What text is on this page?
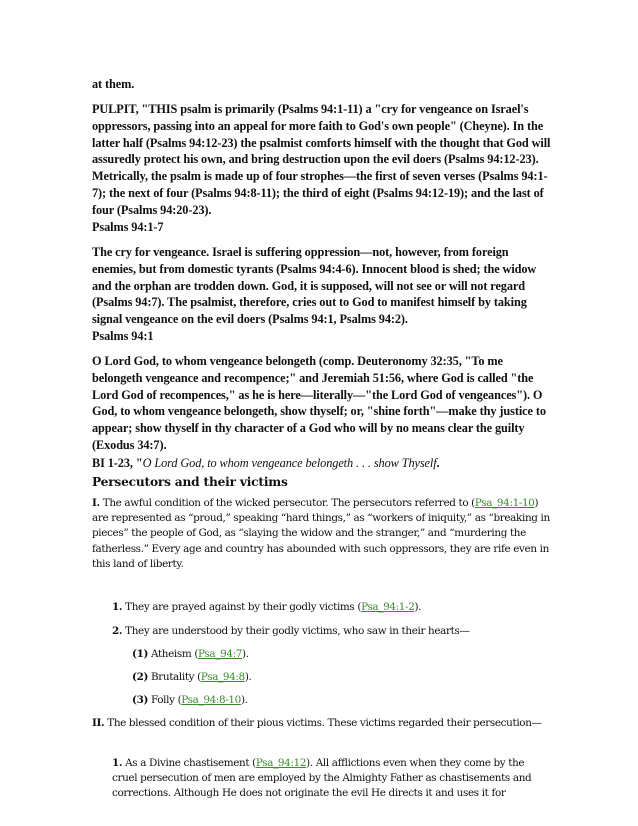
at them.

PULPIT, "THIS psalm is primarily (Psalms 94:1-11) a "cry for vengeance on Israel's oppressors, passing into an appeal for more faith to God's own people" (Cheyne). In the latter half (Psalms 94:12-23) the psalmist comforts himself with the thought that God will assuredly protect his own, and bring destruction upon the evil doers (Psalms 94:12-23). Metrically, the psalm is made up of four strophes—the first of seven verses (Psalms 94:1-7); the next of four (Psalms 94:8-11); the third of eight (Psalms 94:12-19); and the last of four (Psalms 94:20-23).

Psalms 94:1-7

The cry for vengeance. Israel is suffering oppression—not, however, from foreign enemies, but from domestic tyrants (Psalms 94:4-6). Innocent blood is shed; the widow and the orphan are trodden down. God, it is supposed, will not see or will not regard (Psalms 94:7). The psalmist, therefore, cries out to God to manifest himself by taking signal vengeance on the evil doers (Psalms 94:1, Psalms 94:2).

Psalms 94:1

O Lord God, to whom vengeance belongeth (comp. Deuteronomy 32:35, "To me belongeth vengeance and recompence;" and Jeremiah 51:56, where God is called "the Lord God of recompences," as he is here—literally—"the Lord God of vengeances"). O God, to whom vengeance belongeth, show thyself; or, "shine forth"—make thy justice to appear; show thyself in thy character of a God who will by no means clear the guilty (Exodus 34:7).

BI 1-23, "O Lord God, to whom vengeance belongeth . . . show Thyself.

Persecutors and their victims

I. The awful condition of the wicked persecutor. The persecutors referred to (Psa_94:1-10) are represented as “proud,” speaking “hard things,” as “workers of iniquity,” as “breaking in pieces” the people of God, as “slaying the widow and the stranger,” and “murdering the fatherless.” Every age and country has abounded with such oppressors, they are rife even in this land of liberty.

1. They are prayed against by their godly victims (Psa_94:1-2).

2. They are understood by their godly victims, who saw in their hearts—

(1) Atheism (Psa_94:7).

(2) Brutality (Psa_94:8).

(3) Folly (Psa_94:8-10).

II. The blessed condition of their pious victims. These victims regarded their persecution—

1. As a Divine chastisement (Psa_94:12). All afflictions even when they come by the cruel persecution of men are employed by the Almighty Father as chastisements and corrections. Although He does not originate the evil He directs it and uses it for
